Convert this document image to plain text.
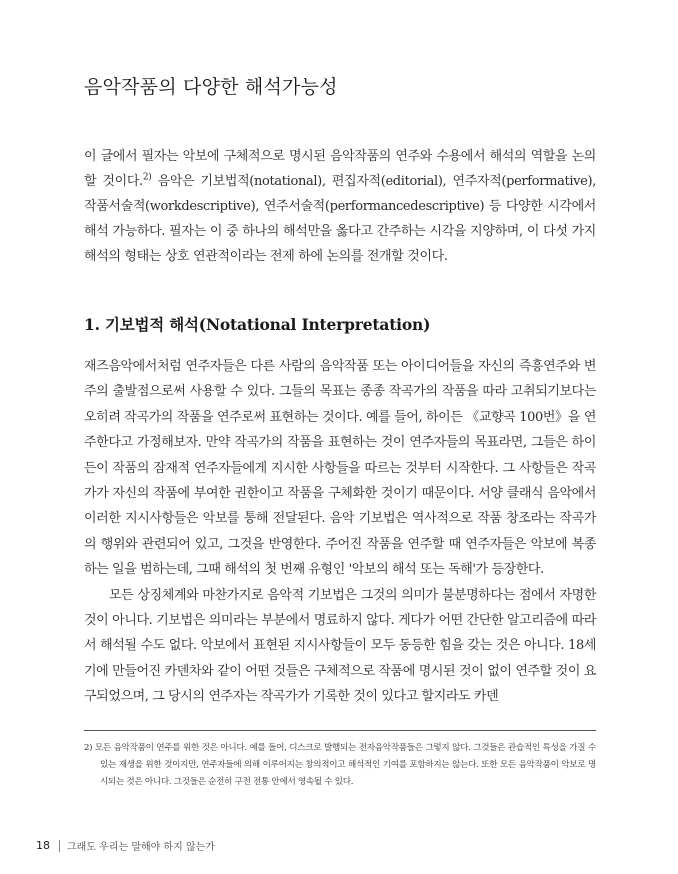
음악작품의 다양한 해석가능성

이 글에서 필자는 악보에 구체적으로 명시된 음악작품의 연주와 수용에서 해석의 역할을 논의할 것이다.$^{2)}$ 음악은 기보법적(notational), 편집자적(editorial), 연주자적(performative), 작품서술적(workdescriptive), 연주서술적(performancedescriptive) 등 다양한 시각에서 해석 가능하다. 필자는 이 중 하나의 해석만을 옳다고 간주하는 시각을 지양하며, 이 다섯 가지 해석의 형태는 상호 연관적이라는 전제 하에 논의를 전개할 것이다.

1. 기보법적 해석(Notational Interpretation)

재즈음악에서처럼 연주자들은 다른 사람의 음악작품 또는 아이디어들을 자신의 즉흥연주와 변주의 출발점으로써 사용할 수 있다. 그들의 목표는 종종 작곡가의 작품을 따라 고취되기보다는 오히려 작곡가의 작품을 연주로써 표현하는 것이다. 예를 들어, 하이든 《교향곡 100번》을 연주한다고 가정해보자. 만약 작곡가의 작품을 표현하는 것이 연주자들의 목표라면, 그들은 하이든이 작품의 잠재적 연주자들에게 지시한 사항들을 따르는 것부터 시작한다. 그 사항들은 작곡가가 자신의 작품에 부여한 권한이고 작품을 구체화한 것이기 때문이다. 서양 클래식 음악에서 이러한 지시사항들은 악보를 통해 전달된다. 음악 기보법은 역사적으로 작품 창조라는 작곡가의 행위와 관련되어 있고, 그것을 반영한다. 주어진 작품을 연주할 때 연주자들은 악보에 복종하는 일을 범하는데, 그때 해석의 첫 번째 유형인 '악보의 해석 또는 독해'가 등장한다.

모든 상징체계와 마찬가지로 음악적 기보법은 그것의 의미가 불분명하다는 점에서 자명한 것이 아니다. 기보법은 의미라는 부분에서 명료하지 않다. 게다가 어떤 간단한 알고리즘에 따라서 해석될 수도 없다. 악보에서 표현된 지시사항들이 모두 동등한 힘을 갖는 것은 아니다. 18세기에 만들어진 카덴차와 같이 어떤 것들은 구체적으로 작품에 명시된 것이 없이 연주할 것이 요구되었으며, 그 당시의 연주자는 작곡가가 기록한 것이 있다고 할지라도 카덴

2) 모든 음악작품이 연주를 위한 것은 아니다. 예를 들어, 디스크로 발행되는 전자음악작품들은 그렇지 않다. 그것들은 관습적인 특성을 가질 수 있는 재생을 위한 것이지만, 연주자들에 의해 이루어지는 창의적이고 해석적인 기여를 포함하지는 않는다. 또한 모든 음악작품이 악보로 명시되는 것은 아니다. 그것들은 순전히 구전 전통 안에서 영속될 수 있다.

18 그래도 우리는 말해야 하지 않는가
